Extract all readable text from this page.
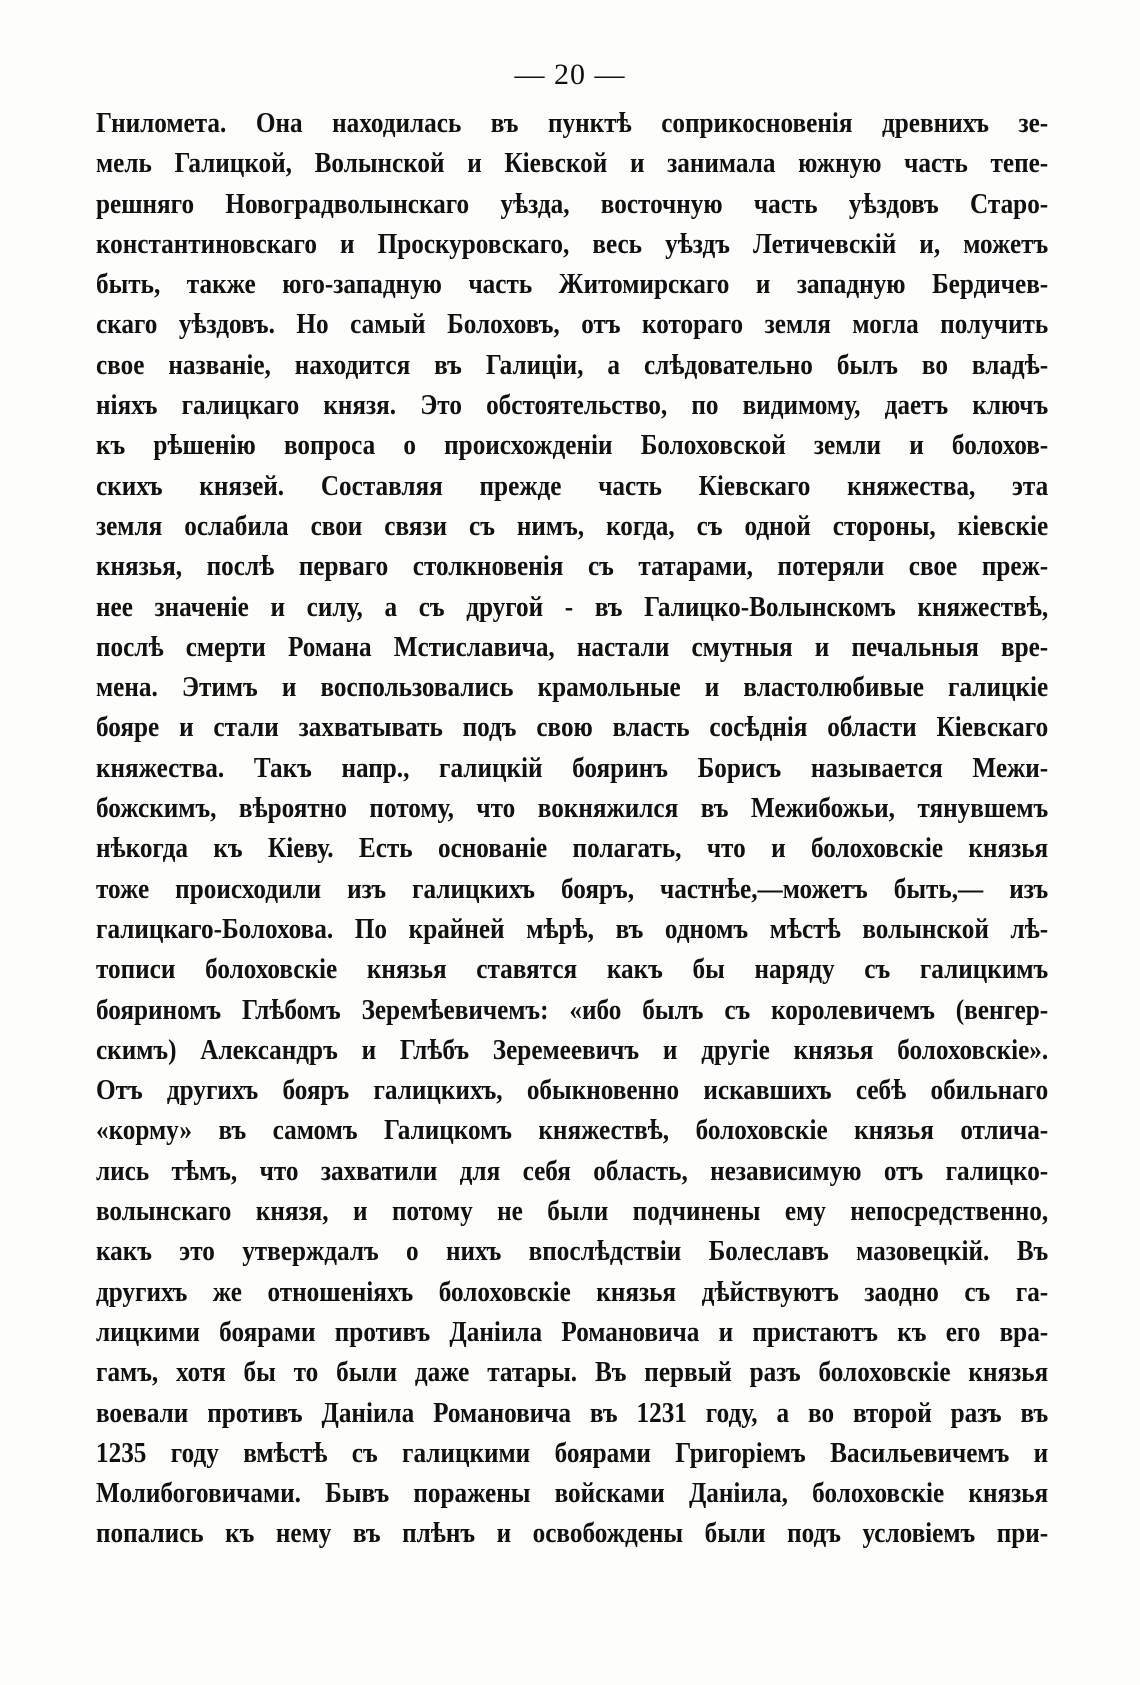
— 20 —
Гниломета. Она находилась въ пунктѣ соприкосновенія древнихъ зе-
мель Галицкой, Волынской и Кіевской и занимала южную часть тепе-
решняго Новоградволынскаго уѣзда, восточную часть уѣздовъ Старо-
константиновскаго и Проскуровскаго, весь уѣздъ Летичевскій и, можетъ
быть, также юго-западную часть Житомирскаго и западную Бердичев-
скаго уѣздовъ. Но самый Болоховъ, отъ котораго земля могла получить
свое названіе, находится въ Галиціи, а слѣдовательно былъ во владѣ-
ніяхъ галицкаго князя. Это обстоятельство, по видимому, даетъ ключъ
къ рѣшенію вопроса о происхожденіи Болоховской земли и болохов-
скихъ князей. Составляя прежде часть Кіевскаго княжества, эта
земля ослабила свои связи съ нимъ, когда, съ одной стороны, кіевскіе
князья, послѣ перваго столкновенія съ татарами, потеряли свое преж-
нее значеніе и силу, а съ другой - въ Галицко-Волынскомъ княжествѣ,
послѣ смерти Романа Мстиславича, настали смутныя и печальныя вре-
мена. Этимъ и воспользовались крамольные и властолюбивые галицкіе
бояре и стали захватывать подъ свою власть сосѣднія области Кіевскаго
княжества. Такъ напр., галицкій бояринъ Борисъ называется Межи-
божскимъ, вѣроятно потому, что вокняжился въ Межибожьи, тянувшемъ
нѣкогда къ Кіеву. Есть основаніе полагать, что и болоховскіе князья
тоже происходили изъ галицкихъ бояръ, частнѣе,—можетъ быть,— изъ
галицкаго-Болохова. По крайней мѣрѣ, въ одномъ мѣстѣ волынской лѣ-
тописи болоховскіе князья ставятся какъ бы наряду съ галицкимъ
бояриномъ Глѣбомъ Зеремѣевичемъ: «ибо былъ съ королевичемъ (венгер-
скимъ) Александръ и Глѣбъ Зеремеевичъ и другіе князья болоховскіе».
Отъ другихъ бояръ галицкихъ, обыкновенно искавшихъ себѣ обильнаго
«корму» въ самомъ Галицкомъ княжествѣ, болоховскіе князья отлича-
лись тѣмъ, что захватили для себя область, независимую отъ галицко-
волынскаго князя, и потому не были подчинены ему непосредственно,
какъ это утверждалъ о нихъ впослѣдствіи Болеславъ мазовецкій. Въ
другихъ же отношеніяхъ болоховскіе князья дѣйствуютъ заодно съ га-
лицкими боярами противъ Даніила Романовича и пристаютъ къ его вра-
гамъ, хотя бы то были даже татары. Въ первый разъ болоховскіе князья
воевали противъ Даніила Романовича въ 1231 году, а во второй разъ въ
1235 году вмѣстѣ съ галицкими боярами Григоріемъ Васильевичемъ и
Молибоговичами. Бывъ поражены войсками Даніила, болоховскіе князья
попались къ нему въ плѣнъ и освобождены были подъ условіемъ при-
